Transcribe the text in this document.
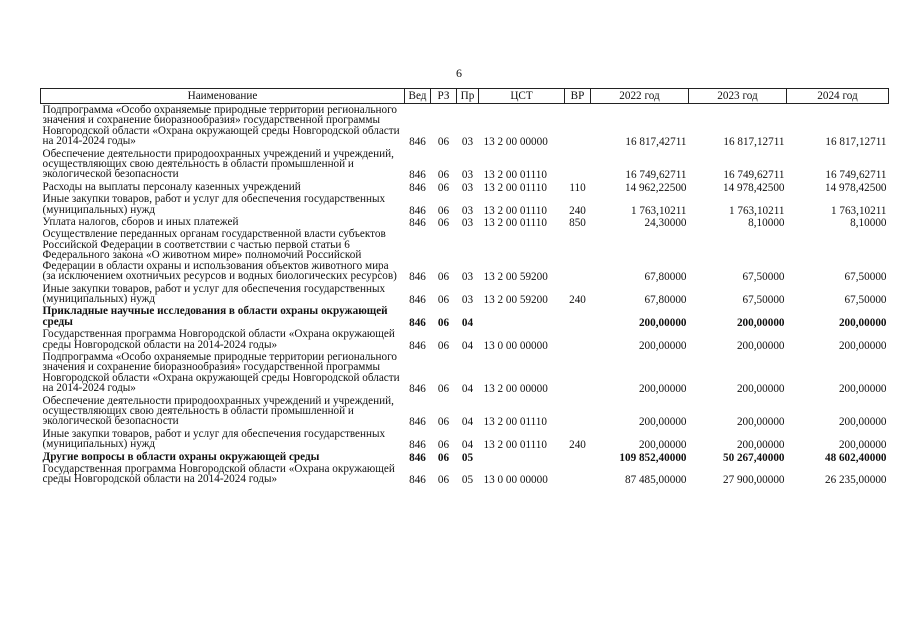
6
Наименование	Вед	РЗ	Пр	ЦСТ	ВР	2022 год	2023 год	2024 год
Подпрограмма «Особо охраняемые природные территории регионального значения и сохранение биоразнообразия» государственной программы Новгородской области «Охрана окружающей среды Новгородской области на 2014-2024 годы»	846	06	03	13 2 00 00000		16 817,42711	16 817,12711	16 817,12711
Обеспечение деятельности природоохранных учреждений и учреждений, осуществляющих свою деятельность в области промышленной и экологической безопасности	846	06	03	13 2 00 01110		16 749,62711	16 749,62711	16 749,62711
Расходы на выплаты персоналу казенных учреждений	846	06	03	13 2 00 01110	110	14 962,22500	14 978,42500	14 978,42500
Иные закупки товаров, работ и услуг для обеспечения государственных (муниципальных) нужд	846	06	03	13 2 00 01110	240	1 763,10211	1 763,10211	1 763,10211
Уплата налогов, сборов и иных платежей	846	06	03	13 2 00 01110	850	24,30000	8,10000	8,10000
Осуществление переданных органам государственной власти субъектов Российской Федерации в соответствии с частью первой статьи 6 Федерального закона «О животном мире» полномочий Российской Федерации в области охраны и использования объектов животного мира (за исключением охотничьих ресурсов и водных биологических ресурсов)	846	06	03	13 2 00 59200		67,80000	67,50000	67,50000
Иные закупки товаров, работ и услуг для обеспечения государственных (муниципальных) нужд	846	06	03	13 2 00 59200	240	67,80000	67,50000	67,50000
Прикладные научные исследования в области охраны окружающей среды	846	06	04			200,00000	200,00000	200,00000
Государственная программа Новгородской области «Охрана окружающей среды Новгородской области на 2014-2024 годы»	846	06	04	13 0 00 00000		200,00000	200,00000	200,00000
Подпрограмма «Особо охраняемые природные территории регионального значения и сохранение биоразнообразия» государственной программы Новгородской области «Охрана окружающей среды Новгородской области на 2014-2024 годы»	846	06	04	13 2 00 00000		200,00000	200,00000	200,00000
Обеспечение деятельности природоохранных учреждений и учреждений, осуществляющих свою деятельность в области промышленной и экологической безопасности	846	06	04	13 2 00 01110		200,00000	200,00000	200,00000
Иные закупки товаров, работ и услуг для обеспечения государственных (муниципальных) нужд	846	06	04	13 2 00 01110	240	200,00000	200,00000	200,00000
Другие вопросы в области охраны окружающей среды	846	06	05			109 852,40000	50 267,40000	48 602,40000
Государственная программа Новгородской области «Охрана окружающей среды Новгородской области на 2014-2024 годы»	846	06	05	13 0 00 00000		87 485,00000	27 900,00000	26 235,00000
